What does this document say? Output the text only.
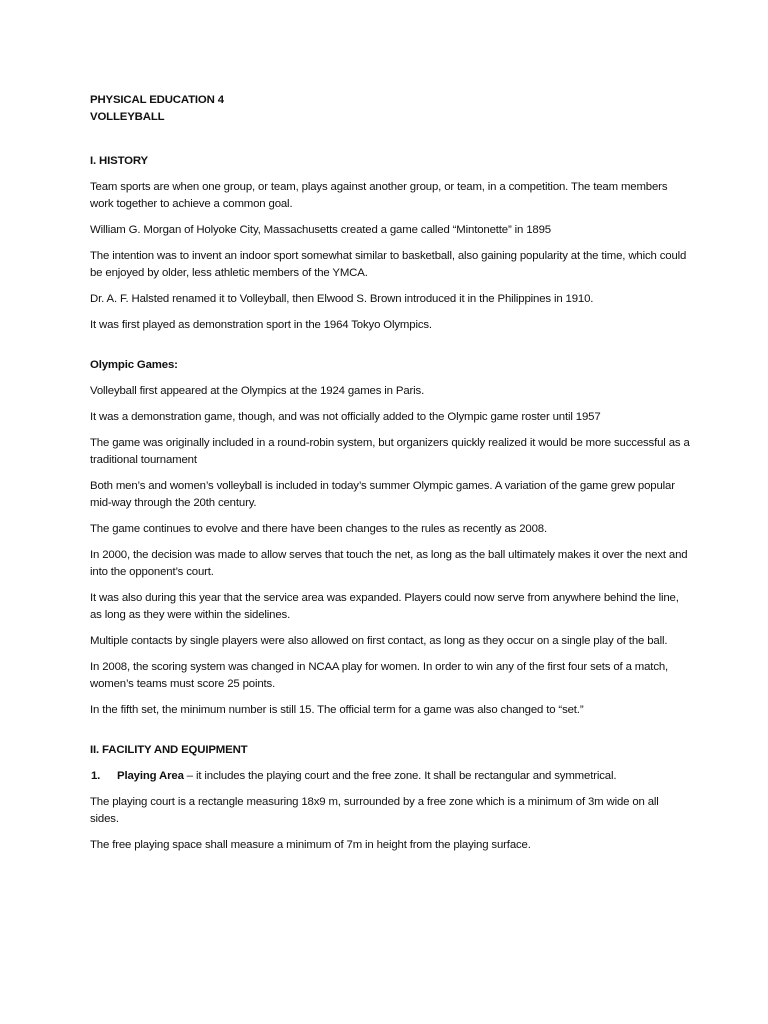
PHYSICAL EDUCATION 4

VOLLEYBALL

I. HISTORY

Team sports are when one group, or team, plays against another group, or team, in a competition. The team members work together to achieve a common goal.

William G. Morgan of Holyoke City, Massachusetts created a game called “Mintonette” in 1895

The intention was to invent an indoor sport somewhat similar to basketball, also gaining popularity at the time, which could be enjoyed by older, less athletic members of the YMCA.

Dr. A. F. Halsted renamed it to Volleyball, then Elwood S. Brown introduced it in the Philippines in 1910.

It was first played as demonstration sport in the 1964 Tokyo Olympics.

Olympic Games:

Volleyball first appeared at the Olympics at the 1924 games in Paris.

It was a demonstration game, though, and was not officially added to the Olympic game roster until 1957

The game was originally included in a round-robin system, but organizers quickly realized it would be more successful as a traditional tournament

Both men’s and women’s volleyball is included in today’s summer Olympic games. A variation of the game grew popular mid-way through the 20th century.

The game continues to evolve and there have been changes to the rules as recently as 2008.

In 2000, the decision was made to allow serves that touch the net, as long as the ball ultimately makes it over the next and into the opponent’s court.

It was also during this year that the service area was expanded. Players could now serve from anywhere behind the line, as long as they were within the sidelines.

Multiple contacts by single players were also allowed on first contact, as long as they occur on a single play of the ball.

In 2008, the scoring system was changed in NCAA play for women. In order to win any of the first four sets of a match, women’s teams must score 25 points.

In the fifth set, the minimum number is still 15. The official term for a game was also changed to “set.”

II. FACILITY AND EQUIPMENT

1.	Playing Area – it includes the playing court and the free zone. It shall be rectangular and symmetrical.

The playing court is a rectangle measuring 18x9 m, surrounded by a free zone which is a minimum of 3m wide on all sides.

The free playing space shall measure a minimum of 7m in height from the playing surface.
